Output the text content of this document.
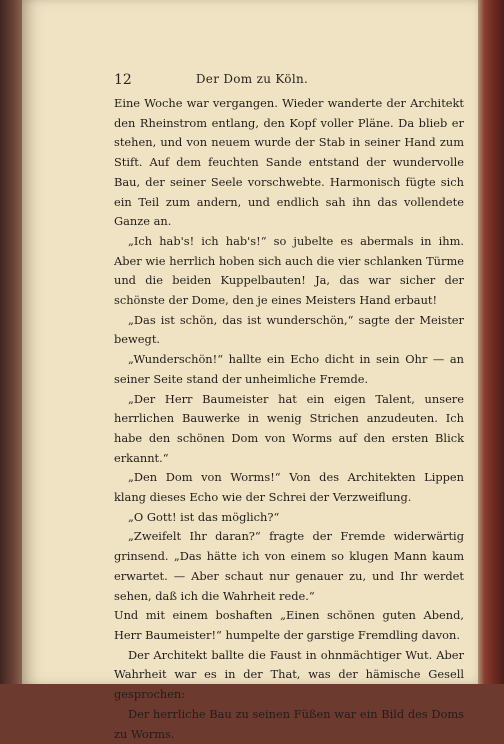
12	Der Dom zu Köln.

Eine Woche war vergangen. Wieder wanderte der Architekt den Rheinstrom entlang, den Kopf voller Pläne. Da blieb er stehen, und von neuem wurde der Stab in seiner Hand zum Stift. Auf dem feuchten Sande entstand der wundervolle Bau, der seiner Seele vorschwebte. Harmonisch fügte sich ein Teil zum andern, und endlich sah ihn das vollendete Ganze an.

„Ich hab's! ich hab's!“ so jubelte es abermals in ihm. Aber wie herrlich hoben sich auch die vier schlanken Türme und die beiden Kuppelbauten! Ja, das war sicher der schönste der Dome, den je eines Meisters Hand erbaut!

„Das ist schön, das ist wunderschön,“ sagte der Meister bewegt.

„Wunderschön!“ hallte ein Echo dicht in sein Ohr — an seiner Seite stand der unheimliche Fremde.

„Der Herr Baumeister hat ein eigen Talent, unsere herrlichen Bauwerke in wenig Strichen anzudeuten. Ich habe den schönen Dom von Worms auf den ersten Blick erkannt.“

„Den Dom von Worms!“ Von des Architekten Lippen klang dieses Echo wie der Schrei der Verzweiflung.

„O Gott! ist das möglich?“

„Zweifelt Ihr daran?“ fragte der Fremde widerwärtig grinsend. „Das hätte ich von einem so klugen Mann kaum erwartet. — Aber schaut nur genauer zu, und Ihr werdet sehen, daß ich die Wahrheit rede.“

Und mit einem boshaften „Einen schönen guten Abend, Herr Baumeister!“ humpelte der garstige Fremdling davon.

Der Architekt ballte die Faust in ohnmächtiger Wut. Aber Wahrheit war es in der That, was der hämische Gesell gesprochen:

Der herrliche Bau zu seinen Füßen war ein Bild des Doms zu Worms.
